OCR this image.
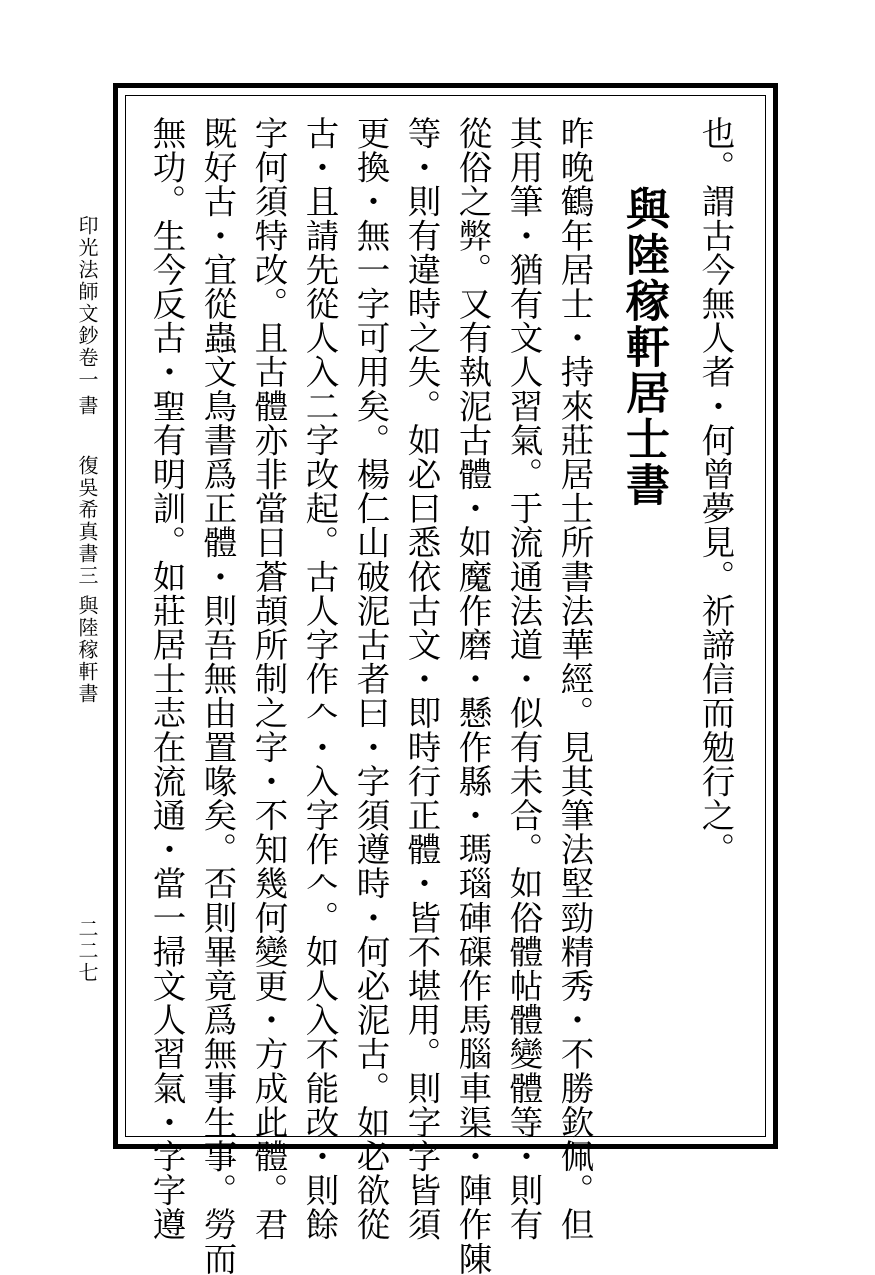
也。謂古今無人者・何曾夢見。祈諦信而勉行之。
與陸稼軒居士書
昨晚鶴年居士・持來莊居士所書法華經。見其筆法堅勁精秀・不勝欽佩。但
其用筆・猶有文人習氣。于流通法道・似有未合。如俗體帖體變體等・則有
從俗之弊。又有執泥古體・如魔作磨・懸作縣・瑪瑙硨磲作馬腦車渠・陣作陳
等・則有違時之失。如必曰悉依古文・即時行正體・皆不堪用。則字字皆須
更換・無一字可用矣。楊仁山破泥古者曰・字須遵時・何必泥古。如必欲從
古・且請先從人入二字改起。古人字作𠆢・入字作𠆢。如人入不能改・則餘
字何須特改。且古體亦非當日蒼頡所制之字・不知幾何變更・方成此體。君
既好古・宜從蟲文鳥書爲正體・則吾無由置喙矣。否則畢竟爲無事生事。勞而
無功。生今反古・聖有明訓。如莊居士志在流通・當一掃文人習氣・字字遵
印光法師文鈔卷一
書
復吳希真書三
與陸稼軒書
二二七
